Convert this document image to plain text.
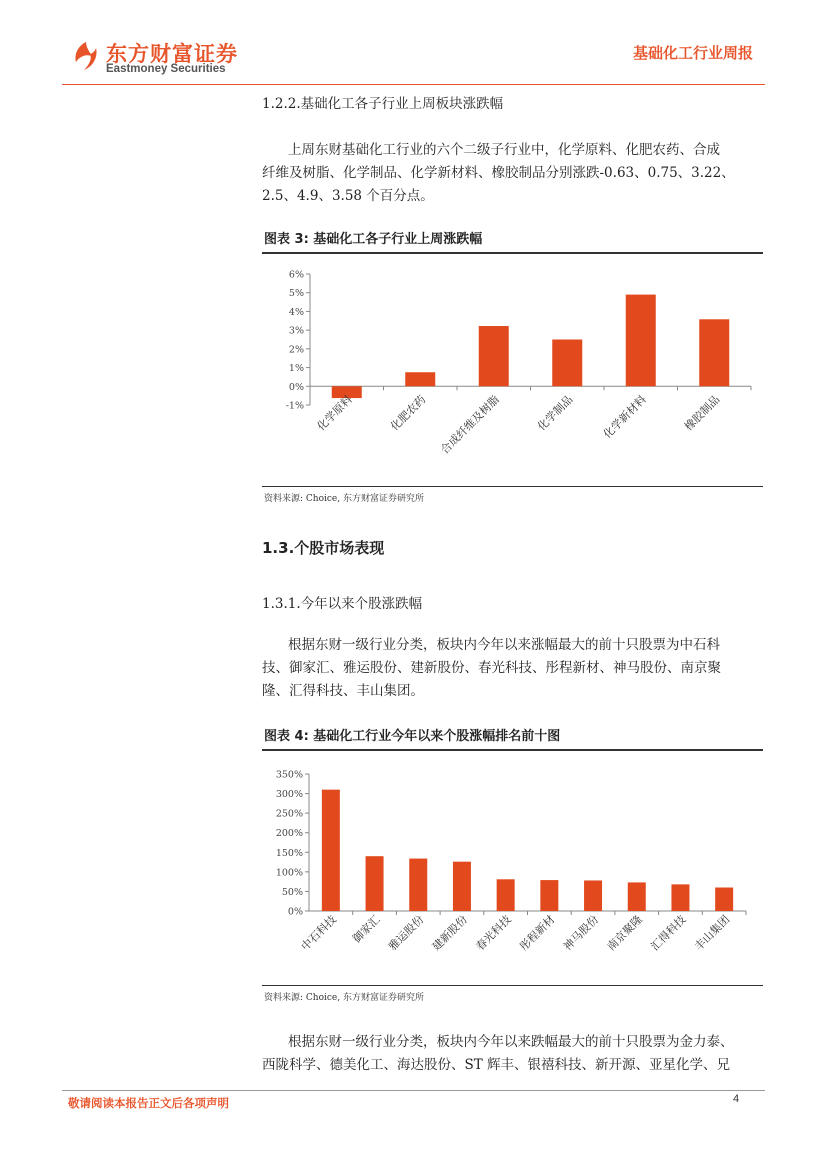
东方财富证券
Eastmoney Securities
基础化工行业周报
1.2.2.基础化工各子行业上周板块涨跌幅
上周东财基础化工行业的六个二级子行业中，化学原料、化肥农药、合成
纤维及树脂、化学制品、化学新材料、橡胶制品分别涨跌-0.63、0.75、3.22、
2.5、4.9、3.58 个百分点。
图表 3: 基础化工各子行业上周涨跌幅
-1%
0%
1%
2%
3%
4%
5%
6%
化学原料	化肥农药 合成纤维及树脂	化学制品 化学新材料	橡胶制品
资料来源: Choice, 东方财富证券研究所
1.3.个股市场表现
1.3.1.今年以来个股涨跌幅
根据东财一级行业分类，板块内今年以来涨幅最大的前十只股票为中石科
技、御家汇、雅运股份、建新股份、春光科技、彤程新材、神马股份、南京聚
隆、汇得科技、丰山集团。
图表 4: 基础化工行业今年以来个股涨幅排名前十图
0%
50%
100%
150%
200%
250%
300%
350%
中石科技 御家汇 雅运股份 建新股份 春光科技 彤程新材 神马股份 南京聚隆 汇得科技 丰山集团
资料来源: Choice, 东方财富证券研究所
根据东财一级行业分类，板块内今年以来跌幅最大的前十只股票为金力泰、
西陇科学、德美化工、海达股份、ST 辉丰、银禧科技、新开源、亚星化学、兄
敬请阅读本报告正文后各项声明	4
